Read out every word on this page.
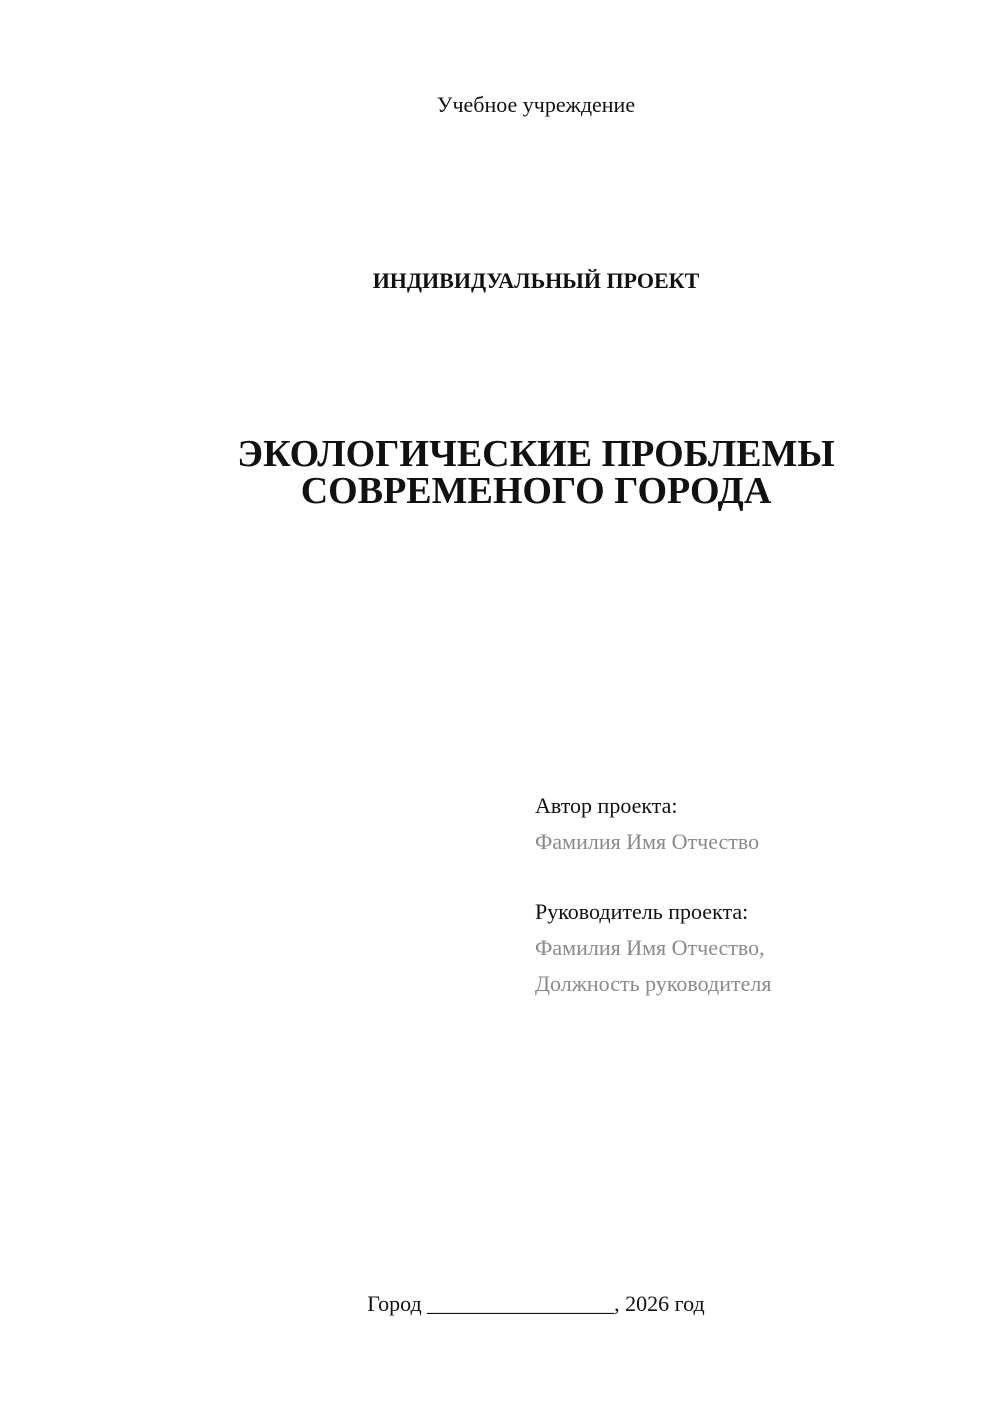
Учебное учреждение
ИНДИВИДУАЛЬНЫЙ ПРОЕКТ
ЭКОЛОГИЧЕСКИЕ ПРОБЛЕМЫ
СОВРЕМЕНОГО ГОРОДА
Автор проекта:
Фамилия Имя Отчество
Руководитель проекта:
Фамилия Имя Отчество,
Должность руководителя
Город _________________, 2026 год
